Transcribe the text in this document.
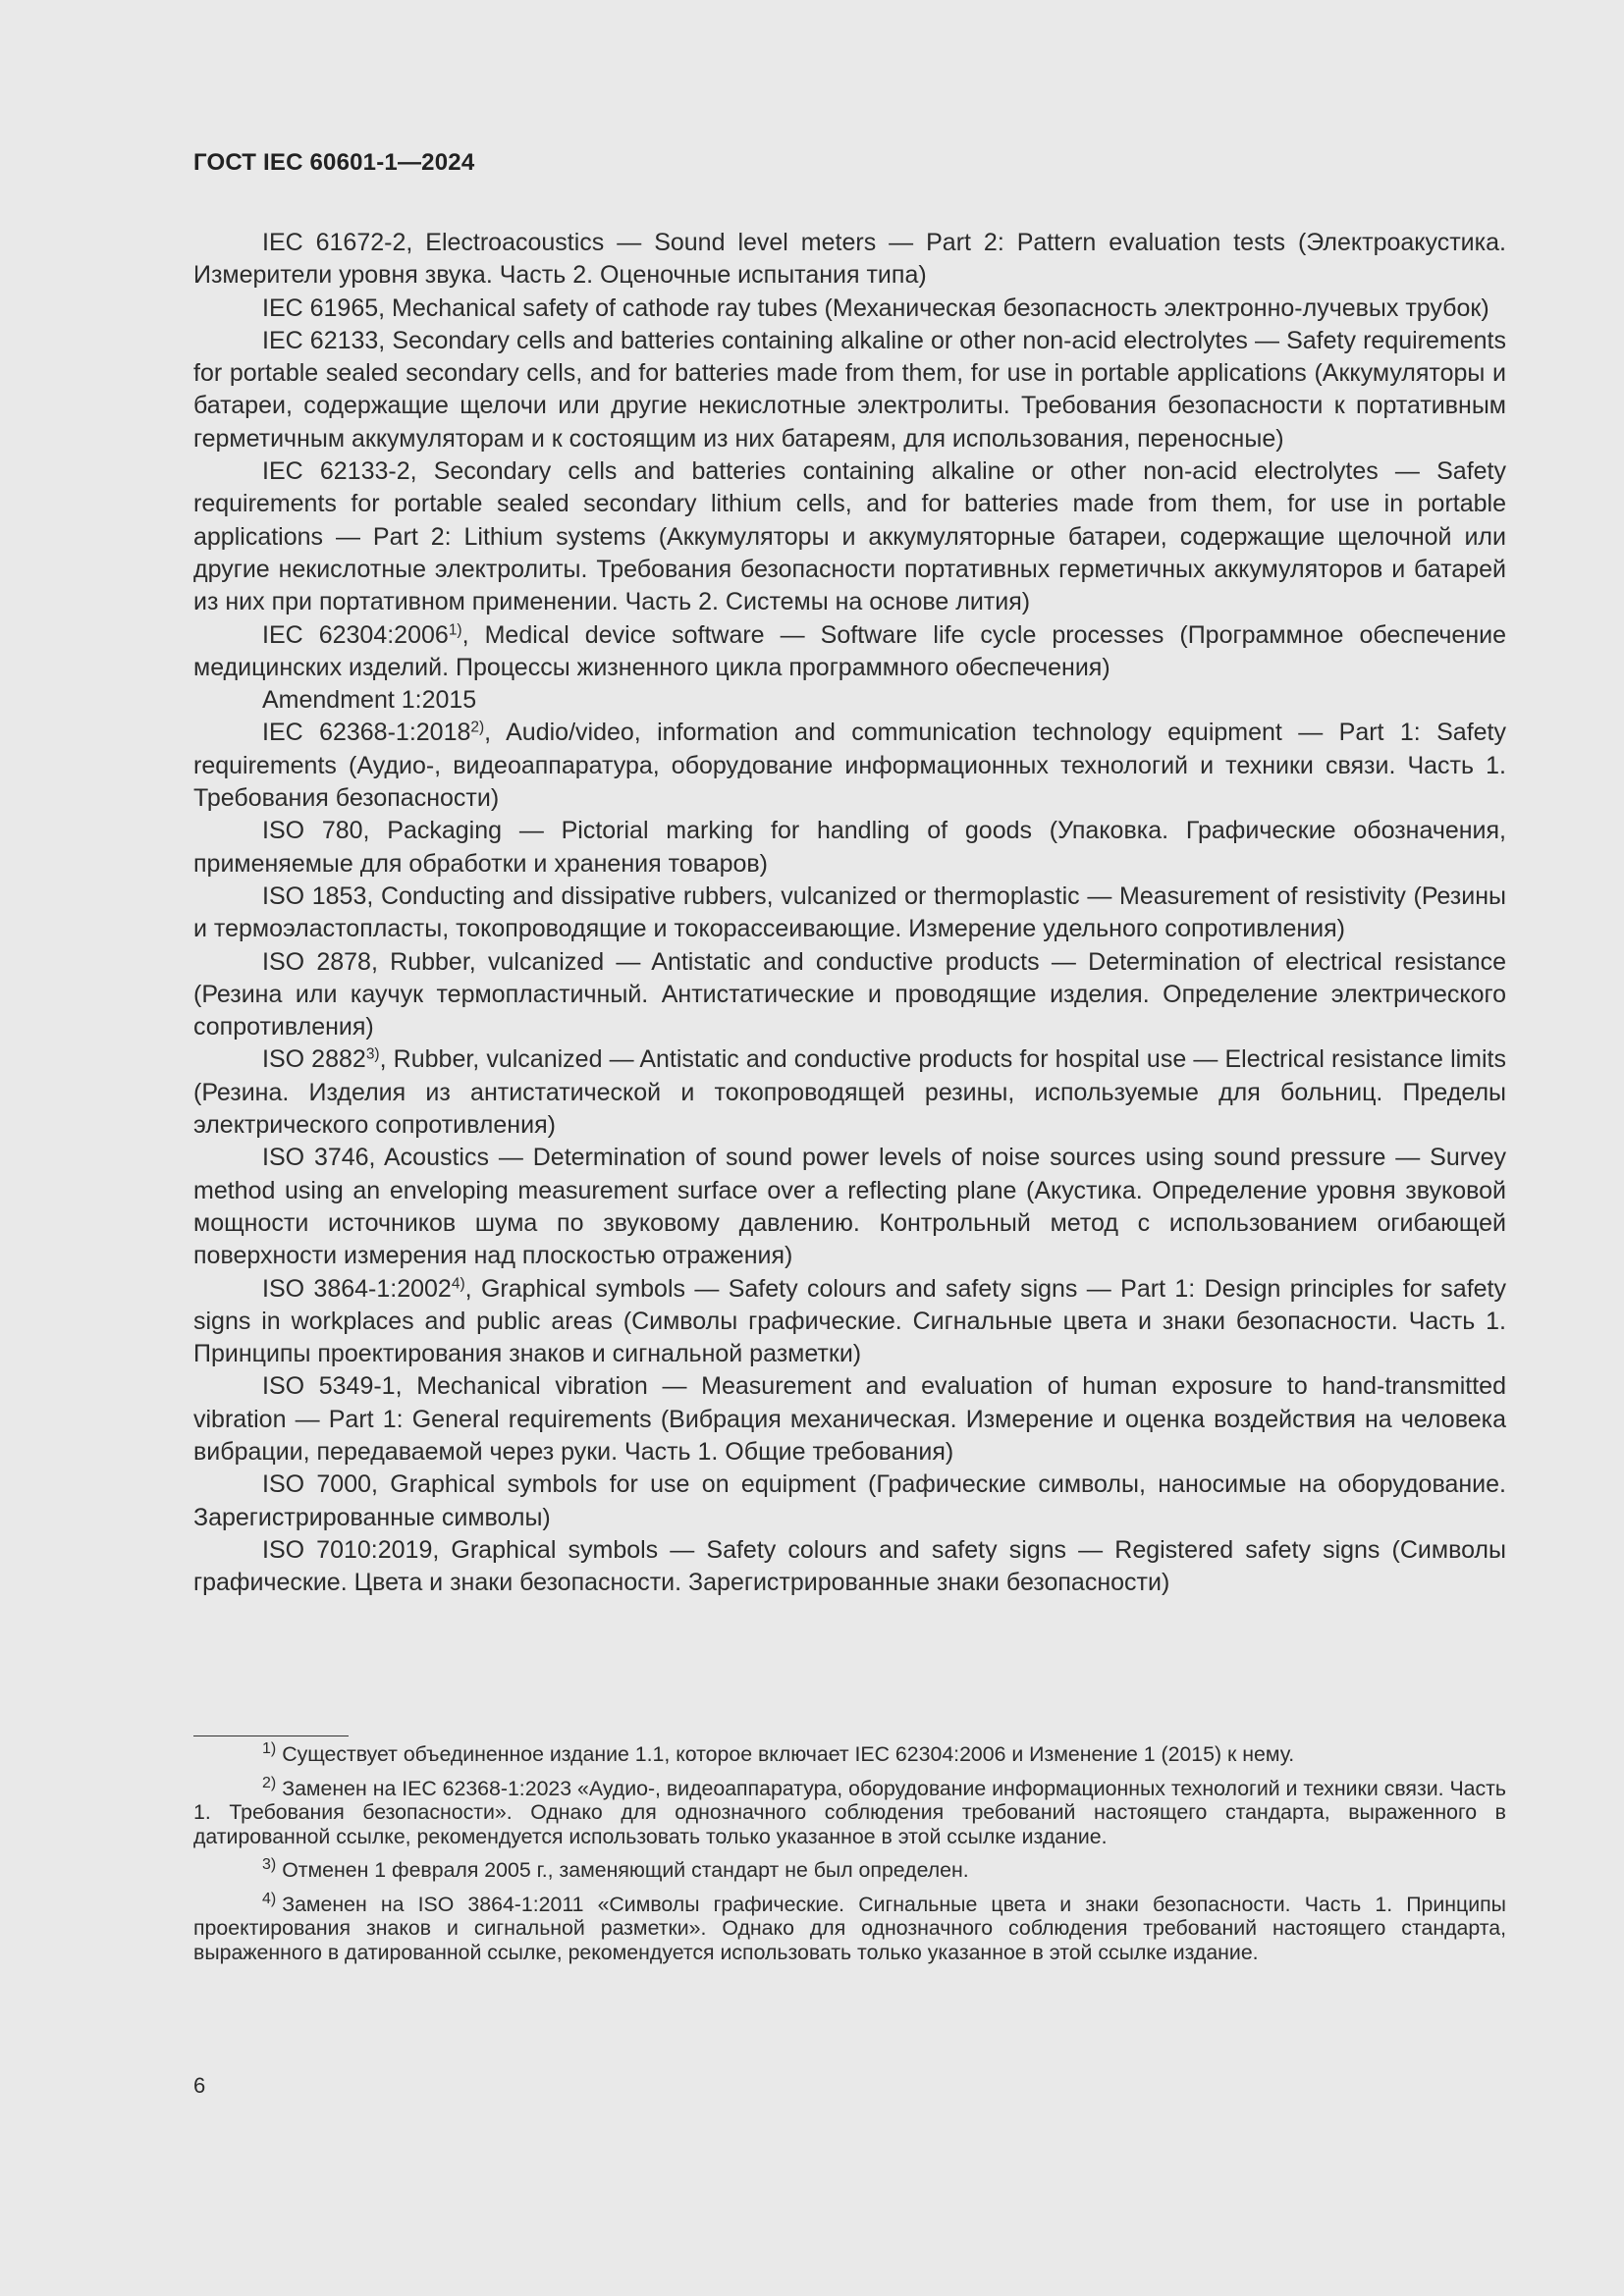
ГОСТ IEC 60601-1—2024

IEC 61672-2, Electroacoustics — Sound level meters — Part 2: Pattern evaluation tests (Электроакустика. Измерители уровня звука. Часть 2. Оценочные испытания типа)

IEC 61965, Mechanical safety of cathode ray tubes (Механическая безопасность электронно-лучевых трубок)

IEC 62133, Secondary cells and batteries containing alkaline or other non-acid electrolytes — Safety requirements for portable sealed secondary cells, and for batteries made from them, for use in portable applications (Аккумуляторы и батареи, содержащие щелочи или другие некислотные электролиты. Требования безопасности к портативным герметичным аккумуляторам и к состоящим из них батареям, для использования, переносные)

IEC 62133-2, Secondary cells and batteries containing alkaline or other non-acid electrolytes — Safety requirements for portable sealed secondary lithium cells, and for batteries made from them, for use in portable applications — Part 2: Lithium systems (Аккумуляторы и аккумуляторные батареи, содержащие щелочной или другие некислотные электролиты. Требования безопасности портативных герметичных аккумуляторов и батарей из них при портативном применении. Часть 2. Системы на основе лития)

IEC 62304:2006$^{1)}$, Medical device software — Software life cycle processes (Программное обеспечение медицинских изделий. Процессы жизненного цикла программного обеспечения)

Amendment 1:2015

IEC 62368-1:2018$^{2)}$, Audio/video, information and communication technology equipment — Part 1: Safety requirements (Аудио-, видеоаппаратура, оборудование информационных технологий и техники связи. Часть 1. Требования безопасности)

ISO 780, Packaging — Pictorial marking for handling of goods (Упаковка. Графические обозначения, применяемые для обработки и хранения товаров)

ISO 1853, Conducting and dissipative rubbers, vulcanized or thermoplastic — Measurement of resistivity (Резины и термоэластопласты, токопроводящие и токорассеивающие. Измерение удельного сопротивления)

ISO 2878, Rubber, vulcanized — Antistatic and conductive products — Determination of electrical resistance (Резина или каучук термопластичный. Антистатические и проводящие изделия. Определение электрического сопротивления)

ISO 2882$^{3)}$, Rubber, vulcanized — Antistatic and conductive products for hospital use — Electrical resistance limits (Резина. Изделия из антистатической и токопроводящей резины, используемые для больниц. Пределы электрического сопротивления)

ISO 3746, Acoustics — Determination of sound power levels of noise sources using sound pressure — Survey method using an enveloping measurement surface over a reflecting plane (Акустика. Определение уровня звуковой мощности источников шума по звуковому давлению. Контрольный метод с использованием огибающей поверхности измерения над плоскостью отражения)

ISO 3864-1:2002$^{4)}$, Graphical symbols — Safety colours and safety signs — Part 1: Design principles for safety signs in workplaces and public areas (Символы графические. Сигнальные цвета и знаки безопасности. Часть 1. Принципы проектирования знаков и сигнальной разметки)

ISO 5349-1, Mechanical vibration — Measurement and evaluation of human exposure to hand-transmitted vibration — Part 1: General requirements (Вибрация механическая. Измерение и оценка воздействия на человека вибрации, передаваемой через руки. Часть 1. Общие требования)

ISO 7000, Graphical symbols for use on equipment (Графические символы, наносимые на оборудование. Зарегистрированные символы)

ISO 7010:2019, Graphical symbols — Safety colours and safety signs — Registered safety signs (Символы графические. Цвета и знаки безопасности. Зарегистрированные знаки безопасности)

$^{1)}$ Существует объединенное издание 1.1, которое включает IEC 62304:2006 и Изменение 1 (2015) к нему.

$^{2)}$ Заменен на IEC 62368-1:2023 «Аудио-, видеоаппаратура, оборудование информационных технологий и техники связи. Часть 1. Требования безопасности». Однако для однозначного соблюдения требований настоящего стандарта, выраженного в датированной ссылке, рекомендуется использовать только указанное в этой ссылке издание.

$^{3)}$ Отменен 1 февраля 2005 г., заменяющий стандарт не был определен.

$^{4)}$ Заменен на ISO 3864-1:2011 «Символы графические. Сигнальные цвета и знаки безопасности. Часть 1. Принципы проектирования знаков и сигнальной разметки». Однако для однозначного соблюдения требований настоящего стандарта, выраженного в датированной ссылке, рекомендуется использовать только указанное в этой ссылке издание.

6
